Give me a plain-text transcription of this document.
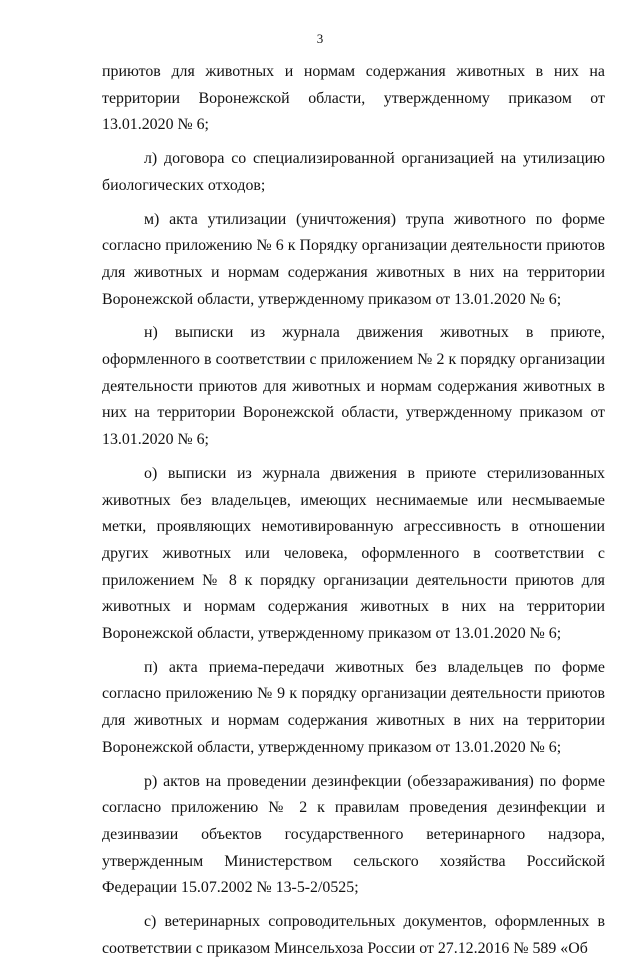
3

приютов для животных и нормам содержания животных в них на территории Воронежской области, утвержденному приказом от 13.01.2020 № 6;

л) договора со специализированной организацией на утилизацию биологических отходов;

м) акта утилизации (уничтожения) трупа животного по форме согласно приложению № 6 к Порядку организации деятельности приютов для животных и нормам содержания животных в них на территории Воронежской области, утвержденному приказом от 13.01.2020 № 6;

н) выписки из журнала движения животных в приюте, оформленного в соответствии с приложением № 2 к порядку организации деятельности приютов для животных и нормам содержания животных в них на территории Воронежской области, утвержденному приказом от 13.01.2020 № 6;

о) выписки из журнала движения в приюте стерилизованных животных без владельцев, имеющих неснимаемые или несмываемые метки, проявляющих немотивированную агрессивность в отношении других животных или человека, оформленного в соответствии с приложением № 8 к порядку организации деятельности приютов для животных и нормам содержания животных в них на территории Воронежской области, утвержденному приказом от 13.01.2020 № 6;

п) акта приема-передачи животных без владельцев по форме согласно приложению № 9 к порядку организации деятельности приютов для животных и нормам содержания животных в них на территории Воронежской области, утвержденному приказом от 13.01.2020 № 6;

р) актов на проведении дезинфекции (обеззараживания) по форме согласно приложению № 2 к правилам проведения дезинфекции и дезинвазии объектов государственного ветеринарного надзора, утвержденным Министерством сельского хозяйства Российской Федерации 15.07.2002 № 13-5-2/0525;

с) ветеринарных сопроводительных документов, оформленных в соответствии с приказом Минсельхоза России от 27.12.2016 № 589 «Об
